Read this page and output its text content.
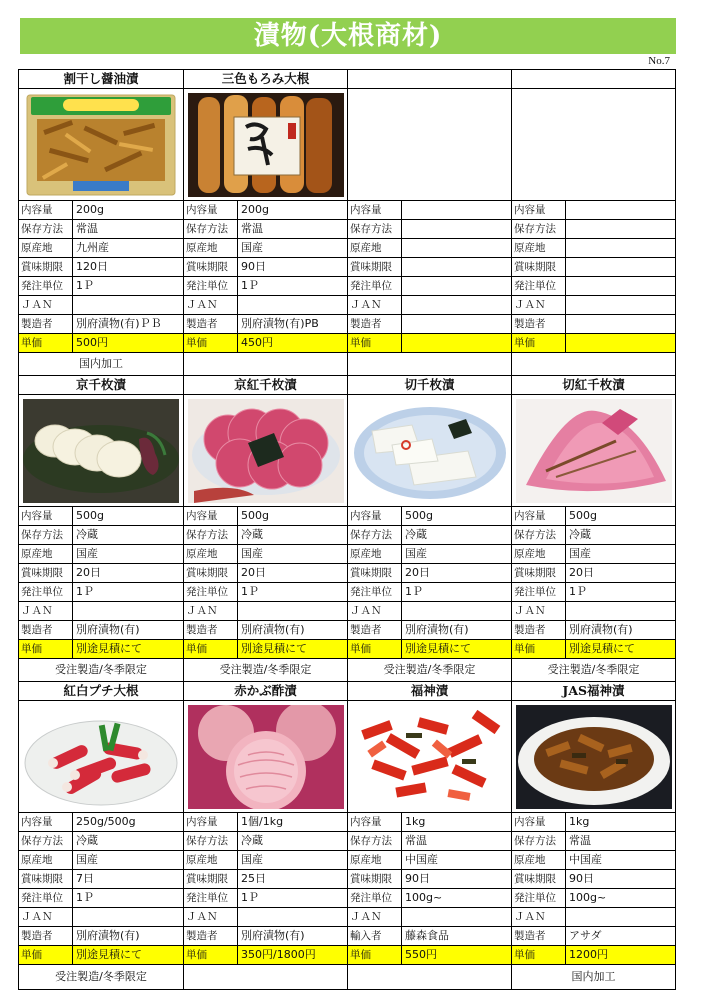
漬物(大根商材)
No.7
割干し醤油漬
内容量	200g
保存方法	常温
原産地	九州産
賞味期限	120日
発注単位	1Ｐ
ＪＡＮ
製造者	別府漬物(有)ＰＢ
単価	500円
国内加工
三色もろみ大根
内容量	200g
保存方法	常温
原産地	国産
賞味期限	90日
発注単位	1Ｐ
ＪＡＮ
製造者	別府漬物(有)PB
単価	450円
内容量
保存方法
原産地
賞味期限
発注単位
ＪＡＮ
製造者
単価
内容量
保存方法
原産地
賞味期限
発注単位
ＪＡＮ
製造者
単価
京千枚漬
内容量	500g
保存方法	冷蔵
原産地	国産
賞味期限	20日
発注単位	1Ｐ
ＪＡＮ
製造者	別府漬物(有)
単価	別途見積にて
受注製造/冬季限定
京紅千枚漬
内容量	500g
保存方法	冷蔵
原産地	国産
賞味期限	20日
発注単位	1Ｐ
ＪＡＮ
製造者	別府漬物(有)
単価	別途見積にて
受注製造/冬季限定
切千枚漬
内容量	500g
保存方法	冷蔵
原産地	国産
賞味期限	20日
発注単位	1Ｐ
ＪＡＮ
製造者	別府漬物(有)
単価	別途見積にて
受注製造/冬季限定
切紅千枚漬
内容量	500g
保存方法	冷蔵
原産地	国産
賞味期限	20日
発注単位	1Ｐ
ＪＡＮ
製造者	別府漬物(有)
単価	別途見積にて
受注製造/冬季限定
紅白プチ大根
内容量	250g/500g
保存方法	冷蔵
原産地	国産
賞味期限	7日
発注単位	1Ｐ
ＪＡＮ
製造者	別府漬物(有)
単価	別途見積にて
受注製造/冬季限定
赤かぶ酢漬
内容量	1個/1kg
保存方法	冷蔵
原産地	国産
賞味期限	25日
発注単位	1Ｐ
ＪＡＮ
製造者	別府漬物(有)
単価	350円/1800円
福神漬
内容量	1kg
保存方法	常温
原産地	中国産
賞味期限	90日
発注単位	100g~
ＪＡＮ
輸入者	藤森食品
単価	550円
JAS福神漬
内容量	1kg
保存方法	常温
原産地	中国産
賞味期限	90日
発注単位	100g~
ＪＡＮ
製造者	アサダ
単価	1200円
国内加工
